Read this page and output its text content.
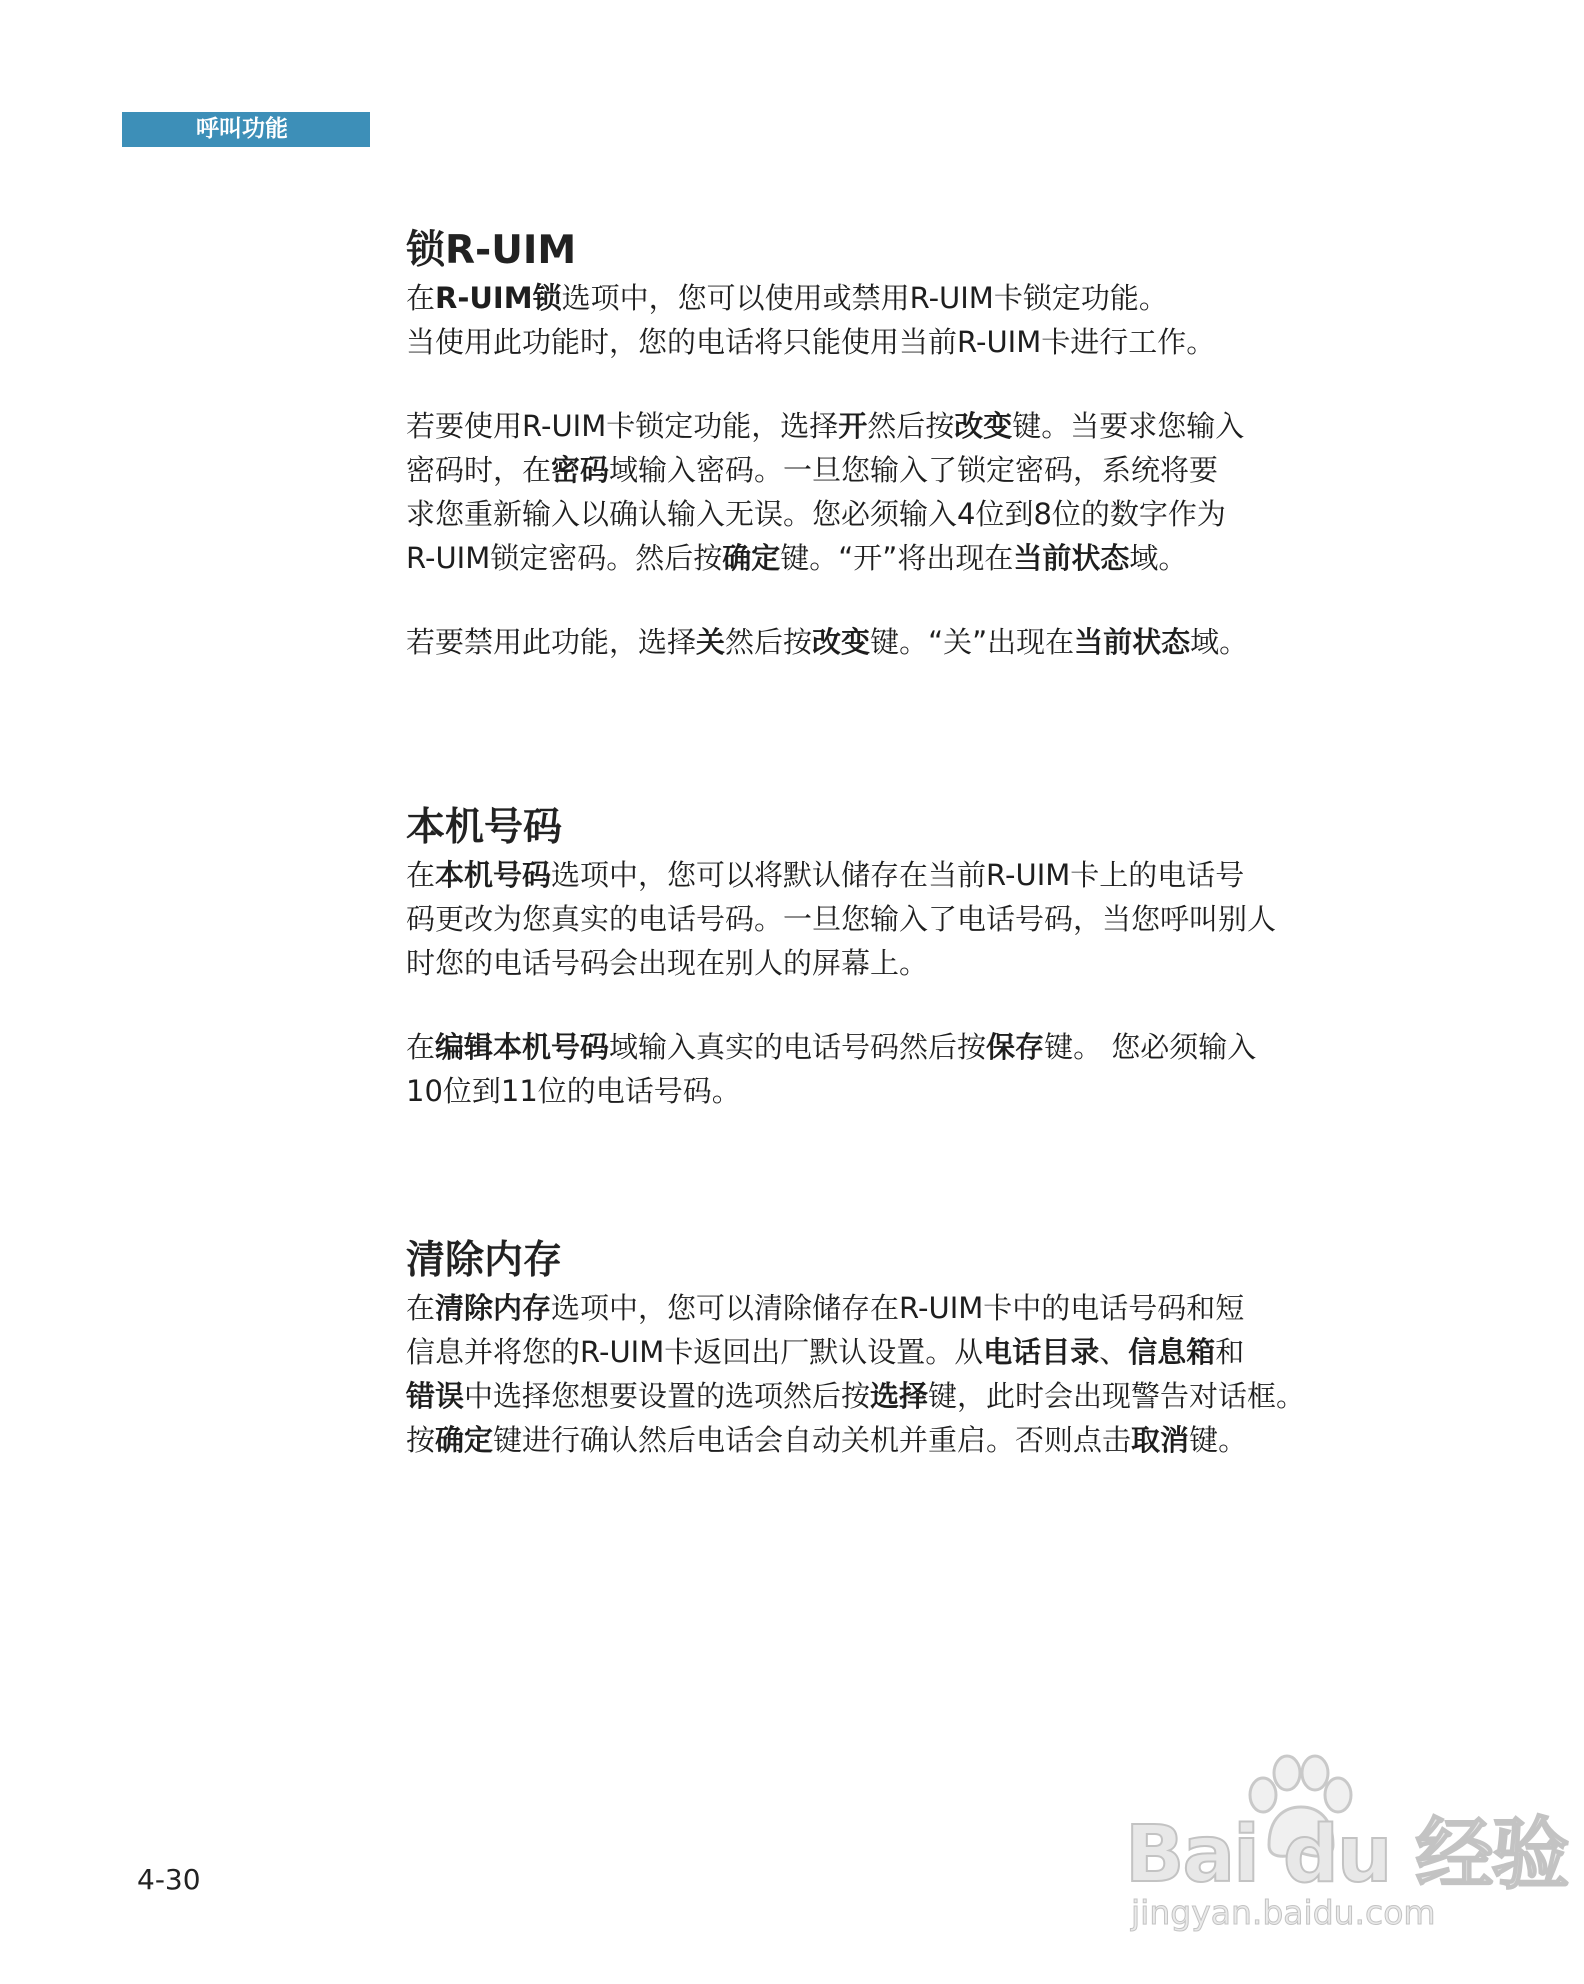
呼叫功能
锁R-UIM

在R-UIM锁选项中，您可以使用或禁用R-UIM卡锁定功能。
当使用此功能时，您的电话将只能使用当前R-UIM卡进行工作。

若要使用R-UIM卡锁定功能，选择开然后按改变键。当要求您输入
密码时，在密码域输入密码。一旦您输入了锁定密码，系统将要
求您重新输入以确认输入无误。您必须输入4位到8位的数字作为
R-UIM锁定密码。然后按确定键。“开”将出现在当前状态域。

若要禁用此功能，选择关然后按改变键。“关”出现在当前状态域。

本机号码

在本机号码选项中，您可以将默认储存在当前R-UIM卡上的电话号
码更改为您真实的电话号码。一旦您输入了电话号码，当您呼叫别人
时您的电话号码会出现在别人的屏幕上。

在编辑本机号码域输入真实的电话号码然后按保存键。 您必须输入
10位到11位的电话号码。

清除内存

在清除内存选项中，您可以清除储存在R-UIM卡中的电话号码和短
信息并将您的R-UIM卡返回出厂默认设置。从电话目录、信息箱和
错误中选择您想要设置的选项然后按选择键，此时会出现警告对话框。
按确定键进行确认然后电话会自动关机并重启。否则点击取消键。

4-30	Bai du 经验
jingyan.baidu.com
